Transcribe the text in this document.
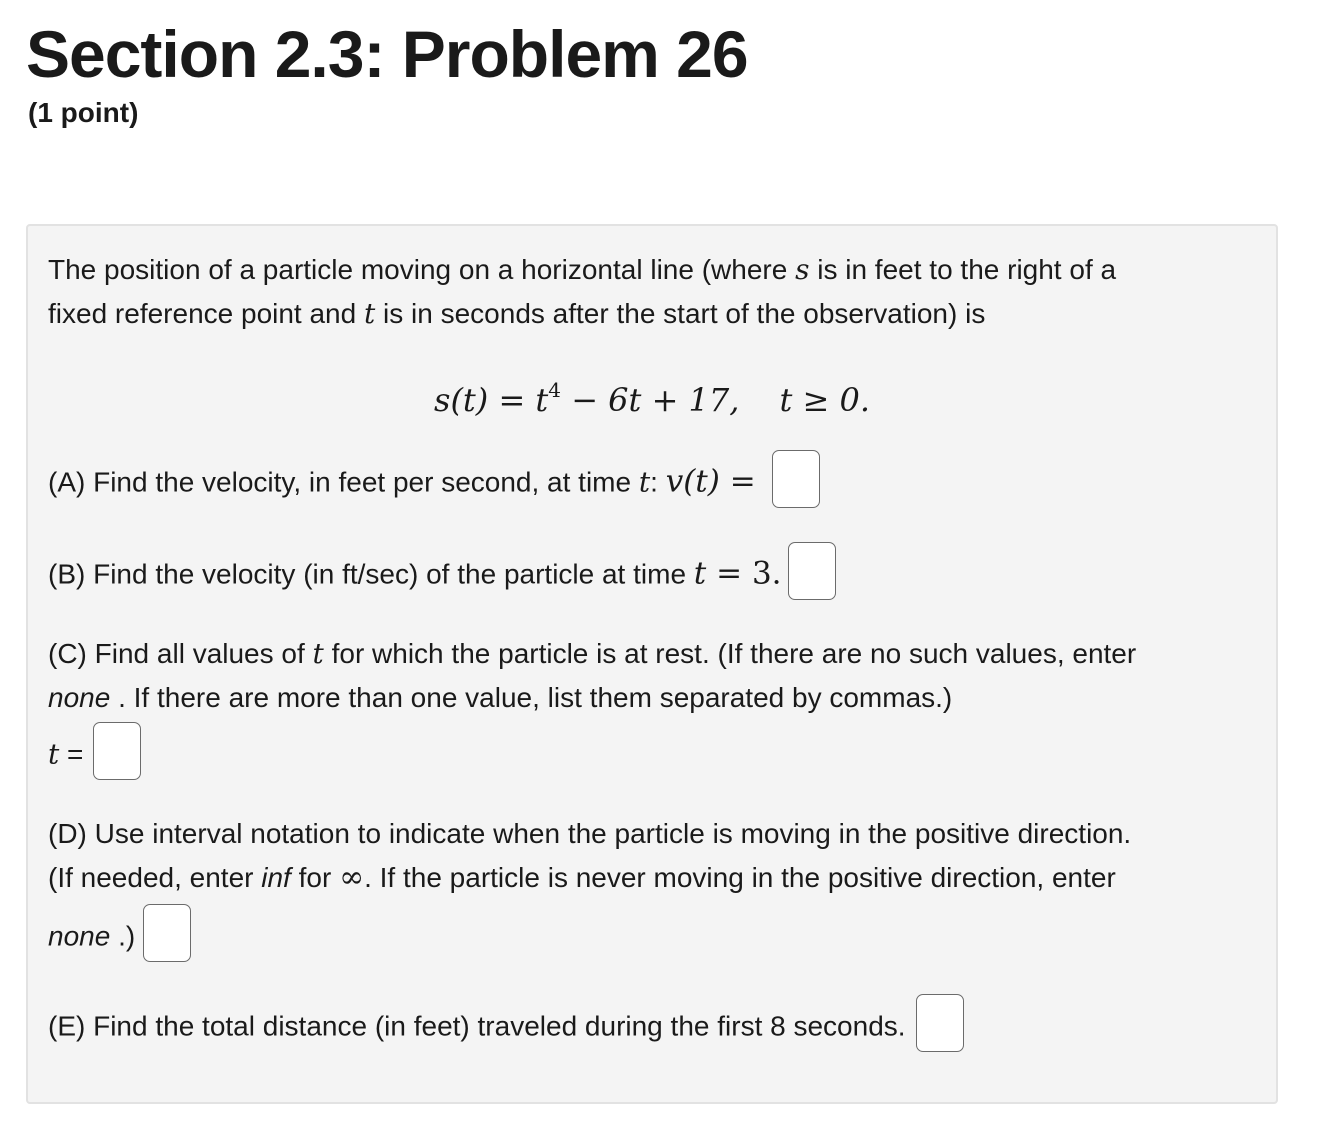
Section 2.3: Problem 26
(1 point)
The position of a particle moving on a horizontal line (where s is in feet to the right of a
fixed reference point and t is in seconds after the start of the observation) is
$s(t) = t^4 - 6t + 17$, t ≥ 0.
(A) Find the velocity, in feet per second, at time t: v(t) =
(B) Find the velocity (in ft/sec) of the particle at time t = 3.
(C) Find all values of t for which the particle is at rest. (If there are no such values, enter
none . If there are more than one value, list them separated by commas.)
t =
(D) Use interval notation to indicate when the particle is moving in the positive direction.
(If needed, enter inf for ∞. If the particle is never moving in the positive direction, enter
none .)
(E) Find the total distance (in feet) traveled during the first 8 seconds.
